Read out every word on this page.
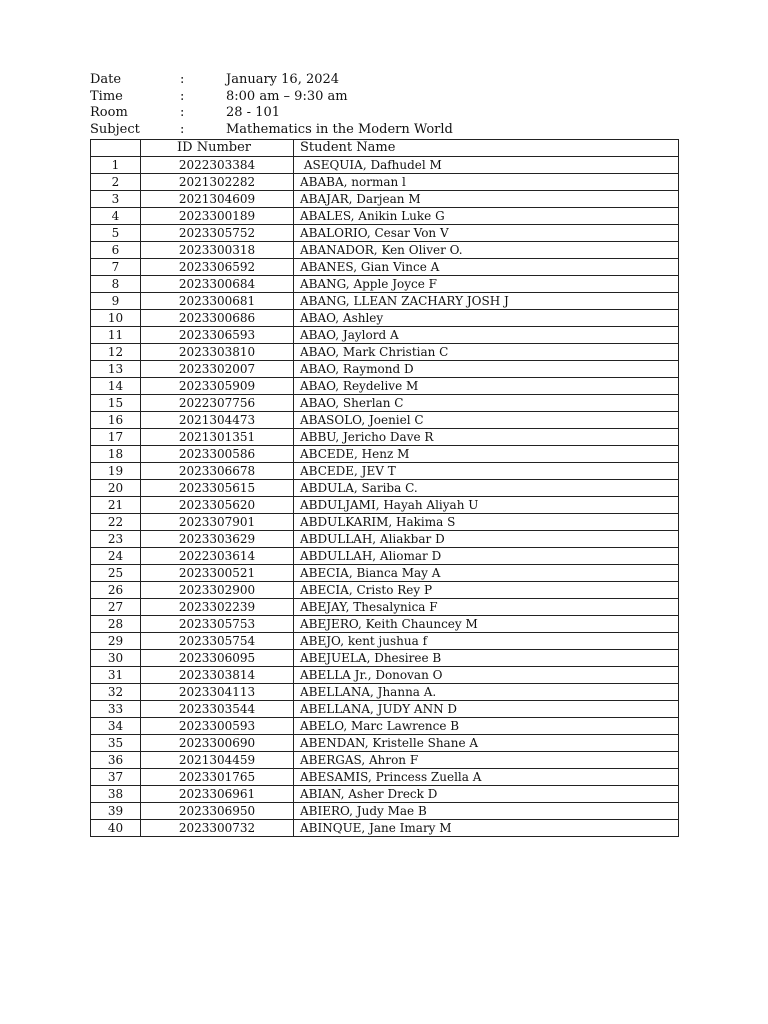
Date	:	January 16, 2024
Time	:	8:00 am – 9:30 am
Room	:	28 - 101
Subject	:	Mathematics in the Modern World
	ID Number	Student Name
1	2022303384	ASEQUIA, Dafhudel M
2	2021302282	ABABA, norman l
3	2021304609	ABAJAR, Darjean M
4	2023300189	ABALES, Anikin Luke G
5	2023305752	ABALORIO, Cesar Von V
6	2023300318	ABANADOR, Ken Oliver O.
7	2023306592	ABANES, Gian Vince A
8	2023300684	ABANG, Apple Joyce F
9	2023300681	ABANG, LLEAN ZACHARY JOSH J
10	2023300686	ABAO, Ashley
11	2023306593	ABAO, Jaylord A
12	2023303810	ABAO, Mark Christian C
13	2023302007	ABAO, Raymond D
14	2023305909	ABAO, Reydelive M
15	2022307756	ABAO, Sherlan C
16	2021304473	ABASOLO, Joeniel C
17	2021301351	ABBU, Jericho Dave R
18	2023300586	ABCEDE, Henz M
19	2023306678	ABCEDE, JEV T
20	2023305615	ABDULA, Sariba C.
21	2023305620	ABDULJAMI, Hayah Aliyah U
22	2023307901	ABDULKARIM, Hakima S
23	2023303629	ABDULLAH, Aliakbar D
24	2022303614	ABDULLAH, Aliomar D
25	2023300521	ABECIA, Bianca May A
26	2023302900	ABECIA, Cristo Rey P
27	2023302239	ABEJAY, Thesalynica F
28	2023305753	ABEJERO, Keith Chauncey M
29	2023305754	ABEJO, kent jushua f
30	2023306095	ABEJUELA, Dhesiree B
31	2023303814	ABELLA Jr., Donovan O
32	2023304113	ABELLANA, Jhanna A.
33	2023303544	ABELLANA, JUDY ANN D
34	2023300593	ABELO, Marc Lawrence B
35	2023300690	ABENDAN, Kristelle Shane A
36	2021304459	ABERGAS, Ahron F
37	2023301765	ABESAMIS, Princess Zuella A
38	2023306961	ABIAN, Asher Dreck D
39	2023306950	ABIERO, Judy Mae B
40	2023300732	ABINQUE, Jane Imary M
